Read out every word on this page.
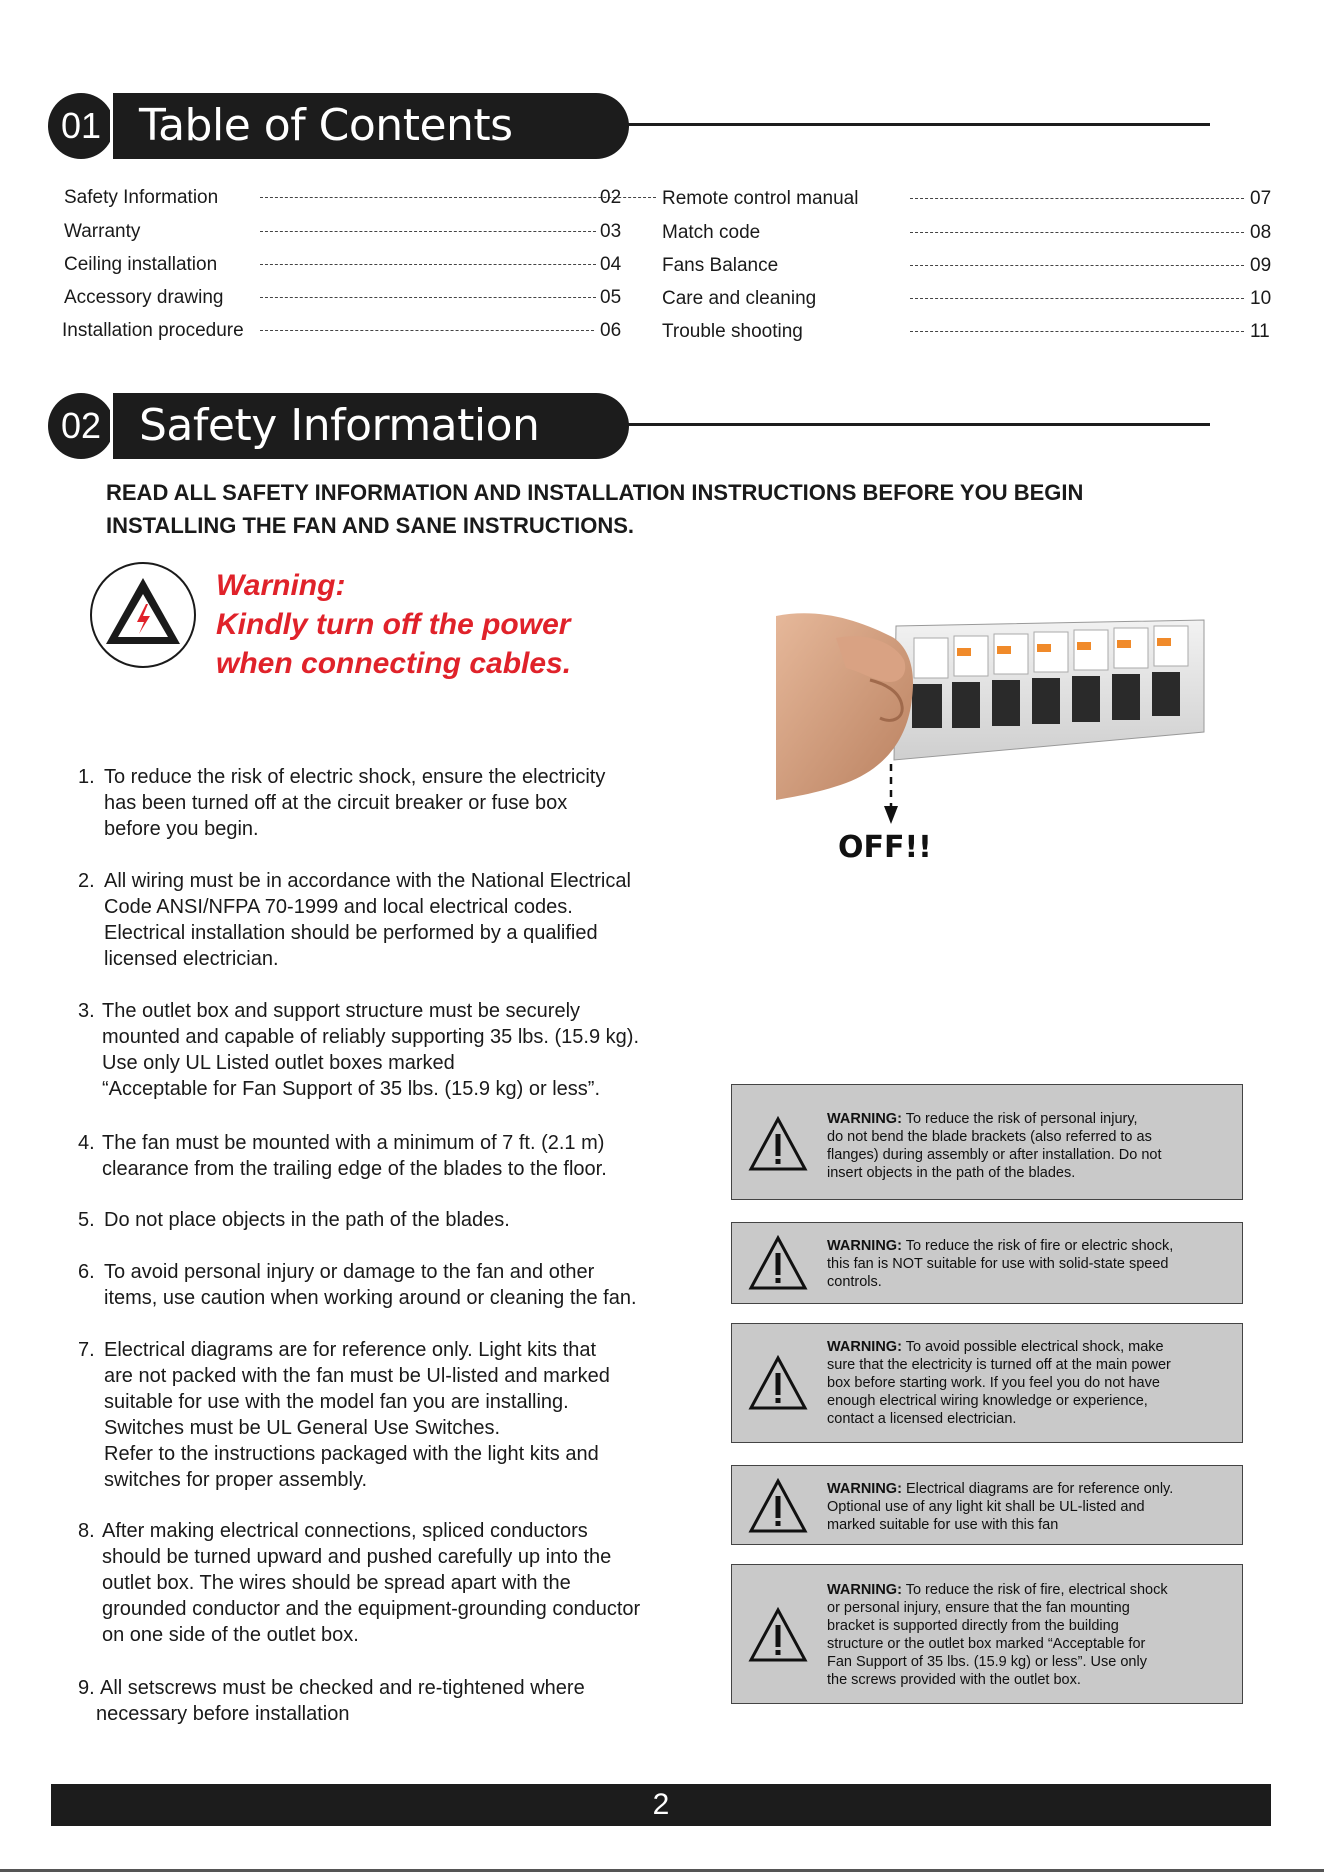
01 Table of Contents
Safety Information	02
Warranty	03
Ceiling installation	04
Accessory drawing	05
Installation procedure	06
Remote control manual	07
Match code	08
Fans Balance	09
Care and cleaning	10
Trouble shooting	11
02 Safety Information
READ ALL SAFETY INFORMATION AND INSTALLATION INSTRUCTIONS BEFORE YOU BEGIN
INSTALLING THE FAN AND SANE INSTRUCTIONS.
Warning:
Kindly turn off the power
when connecting cables.
OFF!!
1. To reduce the risk of electric shock, ensure the electricity
has been turned off at the circuit breaker or fuse box
before you begin.
2. All wiring must be in accordance with the National Electrical
Code ANSI/NFPA 70-1999 and local electrical codes.
Electrical installation should be performed by a qualified
licensed electrician.
3. The outlet box and support structure must be securely
mounted and capable of reliably supporting 35 lbs. (15.9 kg).
Use only UL Listed outlet boxes marked
“Acceptable for Fan Support of 35 lbs. (15.9 kg) or less”.
4. The fan must be mounted with a minimum of 7 ft. (2.1 m)
clearance from the trailing edge of the blades to the floor.
5. Do not place objects in the path of the blades.
6. To avoid personal injury or damage to the fan and other
items, use caution when working around or cleaning the fan.
7. Electrical diagrams are for reference only. Light kits that
are not packed with the fan must be Ul-listed and marked
suitable for use with the model fan you are installing.
Switches must be UL General Use Switches.
Refer to the instructions packaged with the light kits and
switches for proper assembly.
8. After making electrical connections, spliced conductors
should be turned upward and pushed carefully up into the
outlet box. The wires should be spread apart with the
grounded conductor and the equipment-grounding conductor
on one side of the outlet box.
9. All setscrews must be checked and re-tightened where
necessary before installation
WARNING: To reduce the risk of personal injury,
do not bend the blade brackets (also referred to as
flanges) during assembly or after installation. Do not
insert objects in the path of the blades.
WARNING: To reduce the risk of fire or electric shock,
this fan is NOT suitable for use with solid-state speed
controls.
WARNING: To avoid possible electrical shock, make
sure that the electricity is turned off at the main power
box before starting work. If you feel you do not have
enough electrical wiring knowledge or experience,
contact a licensed electrician.
WARNING: Electrical diagrams are for reference only.
Optional use of any light kit shall be UL-listed and
marked suitable for use with this fan
WARNING: To reduce the risk of fire, electrical shock
or personal injury, ensure that the fan mounting
bracket is supported directly from the building
structure or the outlet box marked “Acceptable for
Fan Support of 35 lbs. (15.9 kg) or less”. Use only
the screws provided with the outlet box.
2
